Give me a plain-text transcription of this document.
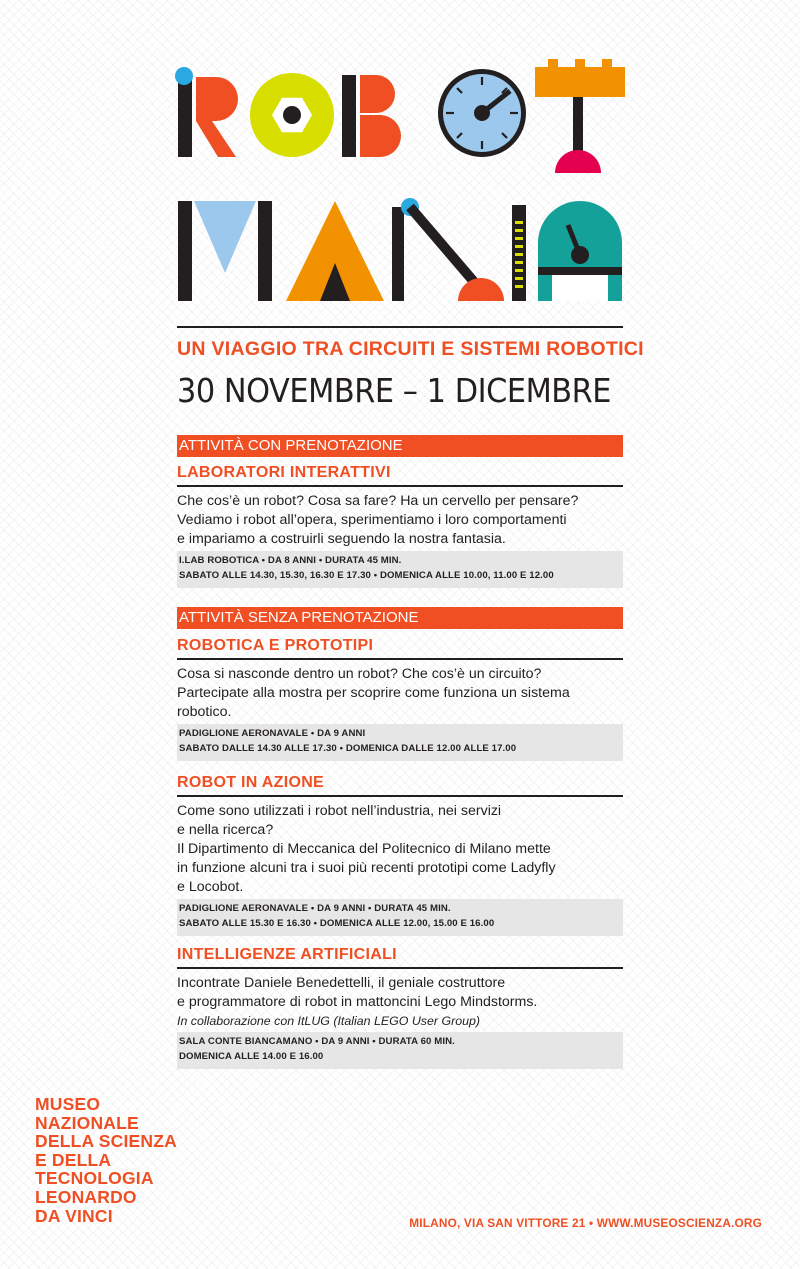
UN VIAGGIO TRA CIRCUITI E SISTEMI ROBOTICI
30 NOVEMBRE – 1 DICEMBRE
ATTIVITÀ CON PRENOTAZIONE
LABORATORI INTERATTIVI
Che cos’è un robot? Cosa sa fare? Ha un cervello per pensare?
Vediamo i robot all’opera, sperimentiamo i loro comportamenti
e impariamo a costruirli seguendo la nostra fantasia.
I.LAB ROBOTICA • DA 8 ANNI • DURATA 45 MIN.
SABATO ALLE 14.30, 15.30, 16.30 E 17.30 • DOMENICA ALLE 10.00, 11.00 E 12.00
ATTIVITÀ SENZA PRENOTAZIONE
ROBOTICA E PROTOTIPI
Cosa si nasconde dentro un robot? Che cos’è un circuito?
Partecipate alla mostra per scoprire come funziona un sistema
robotico.
PADIGLIONE AERONAVALE • DA 9 ANNI
SABATO DALLE 14.30 ALLE 17.30 • DOMENICA DALLE 12.00 ALLE 17.00
ROBOT IN AZIONE
Come sono utilizzati i robot nell’industria, nei servizi
e nella ricerca?
Il Dipartimento di Meccanica del Politecnico di Milano mette
in funzione alcuni tra i suoi più recenti prototipi come Ladyfly
e Locobot.
PADIGLIONE AERONAVALE • DA 9 ANNI • DURATA 45 MIN.
SABATO ALLE 15.30 E 16.30 • DOMENICA ALLE 12.00, 15.00 E 16.00
INTELLIGENZE ARTIFICIALI
Incontrate Daniele Benedettelli, il geniale costruttore
e programmatore di robot in mattoncini Lego Mindstorms.
In collaborazione con ItLUG (Italian LEGO User Group)
SALA CONTE BIANCAMANO • DA 9 ANNI • DURATA 60 MIN.
DOMENICA ALLE 14.00 E 16.00
MUSEO
NAZIONALE
DELLA SCIENZA
E DELLA
TECNOLOGIA
LEONARDO
DA VINCI	MILANO, VIA SAN VITTORE 21 • WWW.MUSEOSCIENZA.ORG
